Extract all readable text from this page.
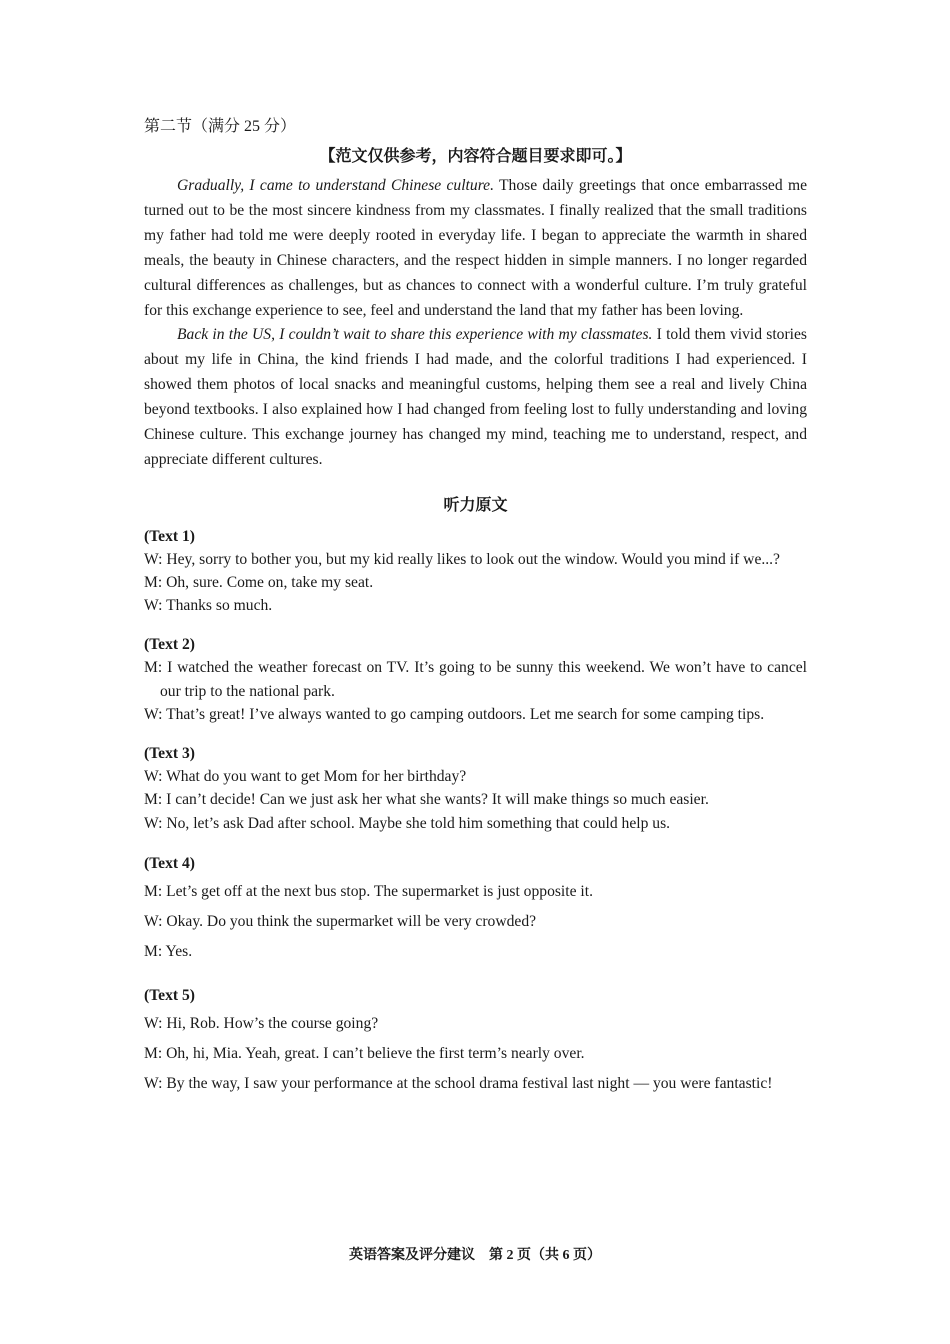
第二节（满分 25 分）

【范文仅供参考，内容符合题目要求即可。】

Gradually, I came to understand Chinese culture. Those daily greetings that once embarrassed me turned out to be the most sincere kindness from my classmates. I finally realized that the small traditions my father had told me were deeply rooted in everyday life. I began to appreciate the warmth in shared meals, the beauty in Chinese characters, and the respect hidden in simple manners. I no longer regarded cultural differences as challenges, but as chances to connect with a wonderful culture. I’m truly grateful for this exchange experience to see, feel and understand the land that my father has been loving.

Back in the US, I couldn’t wait to share this experience with my classmates. I told them vivid stories about my life in China, the kind friends I had made, and the colorful traditions I had experienced. I showed them photos of local snacks and meaningful customs, helping them see a real and lively China beyond textbooks. I also explained how I had changed from feeling lost to fully understanding and loving Chinese culture. This exchange journey has changed my mind, teaching me to understand, respect, and appreciate different cultures.

听力原文
(Text 1)

W: Hey, sorry to bother you, but my kid really likes to look out the window. Would you mind if we...?

M: Oh, sure. Come on, take my seat.

W: Thanks so much.

(Text 2)

M: I watched the weather forecast on TV. It’s going to be sunny this weekend. We won’t have to cancel our trip to the national park.

W: That’s great! I’ve always wanted to go camping outdoors. Let me search for some camping tips.

(Text 3)

W: What do you want to get Mom for her birthday?

M: I can’t decide! Can we just ask her what she wants? It will make things so much easier.

W: No, let’s ask Dad after school. Maybe she told him something that could help us.

(Text 4)

M: Let’s get off at the next bus stop. The supermarket is just opposite it.

W: Okay. Do you think the supermarket will be very crowded?

M: Yes.

(Text 5)

W: Hi, Rob. How’s the course going?

M: Oh, hi, Mia. Yeah, great. I can’t believe the first term’s nearly over.

W: By the way, I saw your performance at the school drama festival last night — you were fantastic!

英语答案及评分建议　第 2 页（共 6 页）
